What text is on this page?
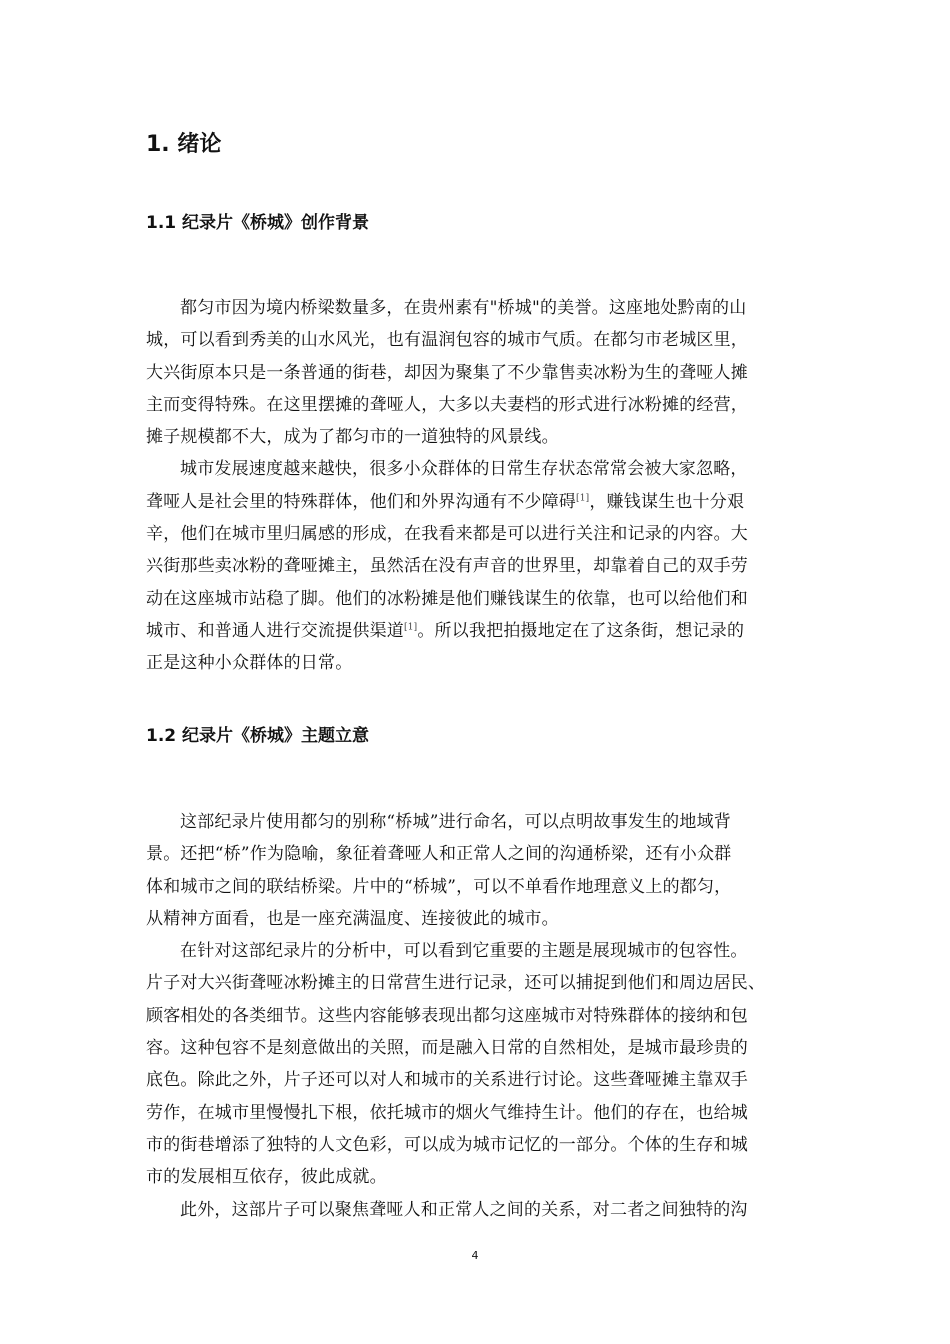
1. 绪论
1.1 纪录片《桥城》创作背景

都匀市因为境内桥梁数量多，在贵州素有"桥城"的美誉。这座地处黔南的山
城，可以看到秀美的山水风光，也有温润包容的城市气质。在都匀市老城区里，
大兴街原本只是一条普通的街巷，却因为聚集了不少靠售卖冰粉为生的聋哑人摊
主而变得特殊。在这里摆摊的聋哑人，大多以夫妻档的形式进行冰粉摊的经营，
摊子规模都不大，成为了都匀市的一道独特的风景线。

城市发展速度越来越快，很多小众群体的日常生存状态常常会被大家忽略，
聋哑人是社会里的特殊群体，他们和外界沟通有不少障碍[1]，赚钱谋生也十分艰
辛，他们在城市里归属感的形成，在我看来都是可以进行关注和记录的内容。大
兴街那些卖冰粉的聋哑摊主，虽然活在没有声音的世界里，却靠着自己的双手劳
动在这座城市站稳了脚。他们的冰粉摊是他们赚钱谋生的依靠，也可以给他们和
城市、和普通人进行交流提供渠道[1]。所以我把拍摄地定在了这条街，想记录的
正是这种小众群体的日常。

1.2 纪录片《桥城》主题立意

这部纪录片使用都匀的别称“桥城”进行命名，可以点明故事发生的地域背
景。还把“桥”作为隐喻，象征着聋哑人和正常人之间的沟通桥梁，还有小众群
体和城市之间的联结桥梁。片中的“桥城”，可以不单看作地理意义上的都匀，
从精神方面看，也是一座充满温度、连接彼此的城市。

在针对这部纪录片的分析中，可以看到它重要的主题是展现城市的包容性。
片子对大兴街聋哑冰粉摊主的日常营生进行记录，还可以捕捉到他们和周边居民、
顾客相处的各类细节。这些内容能够表现出都匀这座城市对特殊群体的接纳和包
容。这种包容不是刻意做出的关照，而是融入日常的自然相处，是城市最珍贵的
底色。除此之外，片子还可以对人和城市的关系进行讨论。这些聋哑摊主靠双手
劳作，在城市里慢慢扎下根，依托城市的烟火气维持生计。他们的存在，也给城
市的街巷增添了独特的人文色彩，可以成为城市记忆的一部分。个体的生存和城
市的发展相互依存，彼此成就。

此外，这部片子可以聚焦聋哑人和正常人之间的关系，对二者之间独特的沟

4
